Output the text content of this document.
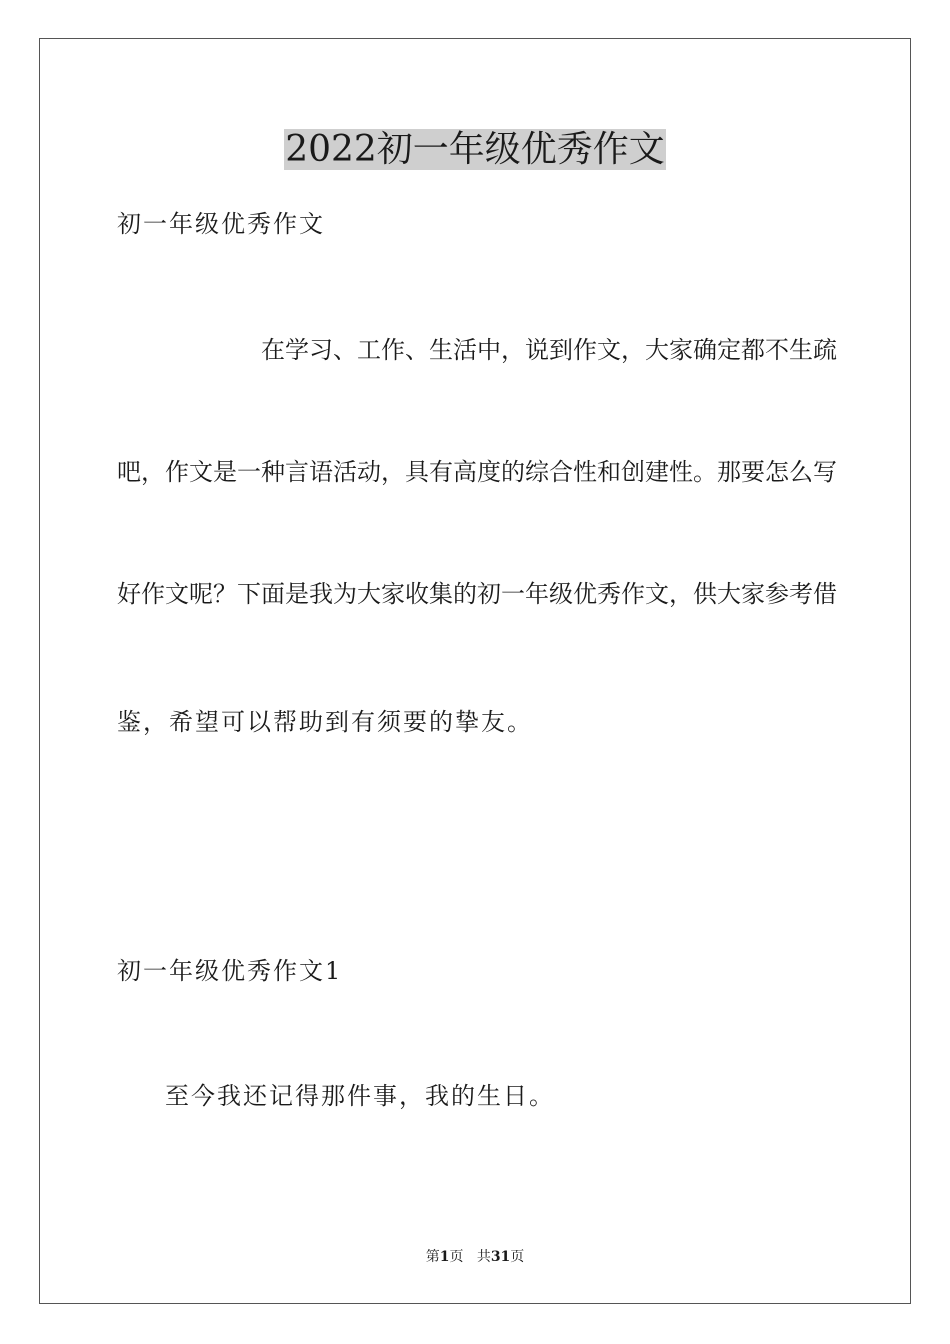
2022初一年级优秀作文
初一年级优秀作文
在学习、工作、生活中，说到作文，大家确定都不生疏
吧，作文是一种言语活动，具有高度的综合性和创建性。那要怎么写
好作文呢？下面是我为大家收集的初一年级优秀作文，供大家参考借
鉴，希望可以帮助到有须要的挚友。
初一年级优秀作文1
至今我还记得那件事，我的生日。
第1页 共31页
